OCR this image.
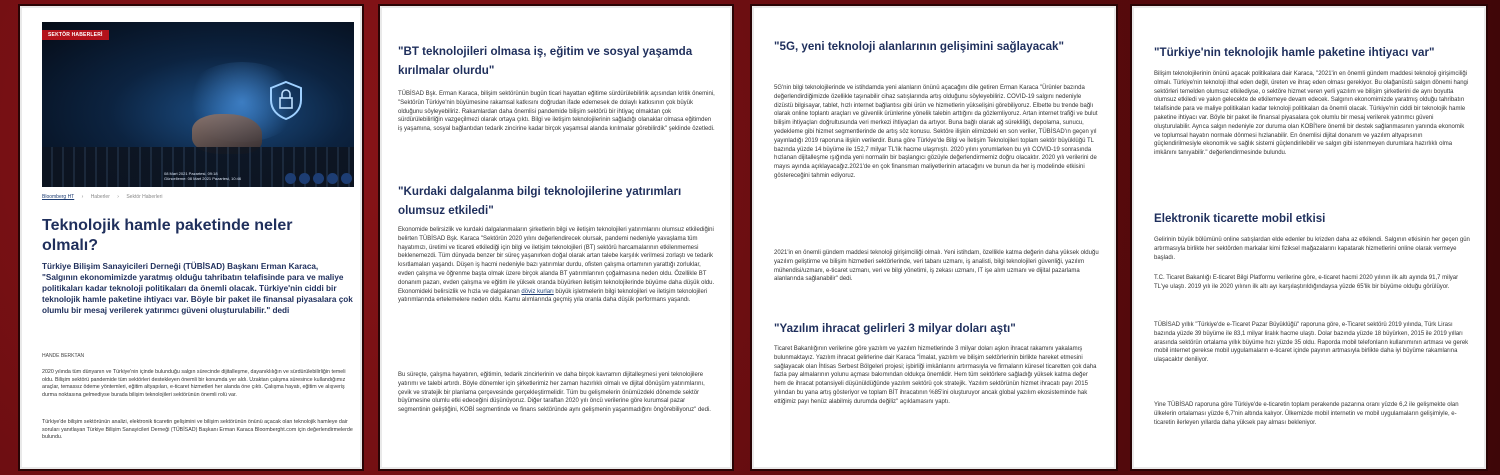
SEKTÖR HABERLERİ
08 Mart 2021 Pazartesi, 09:18
Güncelleme: 08 Mart 2021 Pazartesi, 10:46
Bloomberg HT › Haberler › Sektör Haberleri
Teknolojik hamle paketinde neler olmalı?

Türkiye Bilişim Sanayicileri Derneği (TÜBİSAD) Başkanı Erman Karaca, "Salgının ekonomimizde yaratmış olduğu tahribatın telafisinde para ve maliye politikaları kadar teknoloji politikaları da önemli olacak. Türkiye'nin ciddi bir teknolojik hamle paketine ihtiyacı var. Böyle bir paket ile finansal piyasalara çok olumlu bir mesaj verilerek yatırımcı güveni oluşturulabilir." dedi

HANDE BERKTAN

2020 yılında tüm dünyanın ve Türkiye'nin içinde bulunduğu salgın sürecinde dijitalleşme, dayanıklılığın ve sürdürülebilirliğin temeli oldu. Bilişim sektörü pandemide tüm sektörleri destekleyen önemli bir konumda yer aldı. Uzaktan çalışma süresince kullandığımız araçlar, temassız ödeme yöntemleri, eğitim altyapıları, e-ticaret hizmetleri her alanda öne çıktı. Çalışma hayatı, eğitim ve alışveriş durma noktasına gelmediyse burada bilişim teknolojileri sektörünün önemli rolü var.

Türkiye'de bilişim sektörünün analizi, elektronik ticaretin gelişimini ve bilişim sektörünün önünü açacak olan teknolojik hamleye dair soruları yanıtlayan Türkiye Bilişim Sanayicileri Derneği (TÜBİSAD) Başkanı Erman Karaca Bloomberght.com için değerlendirmelerde bulundu.

"BT teknolojileri olmasa iş, eğitim ve sosyal yaşamda kırılmalar olurdu"

TÜBİSAD Bşk. Erman Karaca, bilişim sektörünün bugün ticari hayattan eğitime sürdürülebilirlik açısından kritik önemini, "Sektörün Türkiye'nin büyümesine rakamsal katkısını doğrudan ifade edemesek de dolaylı katkısının çok büyük olduğunu söyleyebiliriz. Rakamlardan daha önemlisi pandemide bilişim sektörü bir ihtiyaç olmaktan çok sürdürülebilirliğin vazgeçilmezi olarak ortaya çıktı. Bilgi ve iletişim teknolojilerinin sağladığı olanaklar olmasa eğitimden iş yaşamına, sosyal bağlantıdan tedarik zincirine kadar birçok yaşamsal alanda kırılmalar görebilirdik" şeklinde özetledi.

"Kurdaki dalgalanma bilgi teknolojilerine yatırımları olumsuz etkiledi"

Ekonomide belirsizlik ve kurdaki dalgalanmaların şirketlerin bilgi ve iletişim teknolojileri yatırımlarını olumsuz etkilediğini belirten TÜBİSAD Bşk. Karaca "Sektörün 2020 yılını değerlendirecek olursak, pandemi nedeniyle yavaşlama tüm hayatımızı, üretimi ve ticareti etkilediği için bilgi ve iletişim teknolojileri (BT) sektörü harcamalarının etkilenmemesi beklenemezdi. Tüm dünyada benzer bir süreç yaşanırken doğal olarak artan talebe karşılık verilmesi zorlaştı ve tedarik kısıtlamaları yaşandı. Düşen iş hacmi nedeniyle bazı yatırımlar durdu, ofisten çalışma ortamının yarattığı zorluklar, evden çalışma ve öğrenme başta olmak üzere birçok alanda BT yatırımlarının çoğalmasına neden oldu. Özellikle BT donanım pazarı, evden çalışma ve eğitim ile yüksek oranda büyürken iletişim teknolojilerinde büyüme daha düşük oldu. Ekonomideki belirsizlik ve hızla ve dalgalanan döviz kurları büyük işletmelerin bilgi teknolojileri ve iletişim teknolojileri yatırımlarında ertelemelere neden oldu. Kamu alımlarında geçmiş yıla oranla daha düşük performans yaşandı.

Bu süreçte, çalışma hayatının, eğitimin, tedarik zincirlerinin ve daha birçok kavramın dijitalleşmesi yeni teknolojilere yatırımı ve talebi artırdı. Böyle dönemler için şirketlerimiz her zaman hazırlıklı olmalı ve dijital dönüşüm yatırımlarını, çevik ve stratejik bir planlama çerçevesinde gerçekleştirmelidir. Tüm bu gelişmelerin önümüzdeki dönemde sektör büyümesine olumlu etki edeceğini düşünüyoruz. Diğer taraftan 2020 yılı öncü verilerine göre kurumsal pazar segmentinin geliştiğini, KOBİ segmentinde ve finans sektöründe aynı gelişmenin yaşanmadığını öngörebiliyoruz" dedi.

"5G, yeni teknoloji alanlarının gelişimini sağlayacak"

5G'nin bilgi teknolojilerinde ve istihdamda yeni alanların önünü açacağını dile getiren Erman Karaca "Ürünler bazında değerlendirdiğimizde özellikle taşınabilir cihaz satışlarında artış olduğunu söyleyebiliriz. COVID-19 salgını nedeniyle dizüstü bilgisayar, tablet, hızlı internet bağlantısı gibi ürün ve hizmetlerin yükselişini görebiliyoruz. Elbette bu trende bağlı olarak online toplantı araçları ve güvenlik ürünlerine yönelik talebin arttığını da gözlemliyoruz. Artan internet trafiği ve bulut bilişim ihtiyaçları doğrultusunda veri merkezi ihtiyaçları da artıyor. Buna bağlı olarak ağ sürekliliği, depolama, sunucu, yedekleme gibi hizmet segmentlerinde de artış söz konusu. Sektöre ilişkin elimizdeki en son veriler, TÜBİSAD'ın geçen yıl yayınladığı 2019 raporuna ilişkin verilerdir. Buna göre Türkiye'de Bilgi ve İletişim Teknolojileri toplam sektör büyüklüğü TL bazında yüzde 14 büyüme ile 152,7 milyar TL'lik hacme ulaşmıştı. 2020 yılını yorumlarken bu yılı COVID-19 sonrasında hızlanan dijitalleşme ışığında yeni normalin bir başlangıcı gözüyle değerlendirmemiz doğru olacaktır. 2020 yılı verilerini de mayıs ayında açıklayacağız.2021'de en çok finansman maliyetlerinin artacağını ve bunun da her iş modelinde etkisini göstereceğini tahmin ediyoruz.

2021'in en önemli gündem maddesi teknoloji girişimciliği olmalı. Yeni istihdam, özellikle katma değerin daha yüksek olduğu yazılım geliştirme ve bilişim hizmetleri sektörlerinde, veri tabanı uzmanı, iş analisti, bilgi teknolojileri güvenliği, yazılım mühendisi/uzmanı, e-ticaret uzmanı, veri ve bilgi yönetimi, iş zekası uzmanı, IT işe alım uzmanı ve dijital pazarlama alanlarında sağlanabilir" dedi.

"Yazılım ihracat gelirleri 3 milyar doları aştı"

Ticaret Bakanlığının verilerine göre yazılım ve yazılım hizmetlerinde 3 milyar doları aşkın ihracat rakamını yakalamış bulunmaktayız. Yazılım ihracat gelirlerine dair Karaca "İmalat, yazılım ve bilişim sektörlerinin birlikte hareket etmesini sağlayacak olan İhtisas Serbest Bölgeleri projesi; işbirliği imkânlarını artırmasıyla ve firmaların küresel ticaretten çok daha fazla pay almalarının yolunu açması bakımından oldukça önemlidir. Hem tüm sektörlere sağladığı yüksek katma değer hem de ihracat potansiyeli düşünüldüğünde yazılım sektörü çok stratejik. Yazılım sektörünün hizmet ihracatı payı 2015 yılından bu yana artış gösteriyor ve toplam BİT ihracatının %85'ini oluşturuyor ancak global yazılım ekosisteminde hak ettiğimiz payı henüz alabilmiş durumda değiliz" açıklamasını yaptı.

"Türkiye'nin teknolojik hamle paketine ihtiyacı var"

Bilişim teknolojilerinin önünü açacak politikalara dair Karaca, "2021'in en önemli gündem maddesi teknoloji girişimciliği olmalı. Türkiye'nin teknoloji ithal eden değil, üreten ve ihraç eden olması gerekiyor. Bu olağanüstü salgın dönemi hangi sektörleri temelden olumsuz etkilediyse, o sektöre hizmet veren yerli yazılım ve bilişim şirketlerini de aynı boyutta olumsuz etkiledi ve yakın gelecekte de etkilemeye devam edecek. Salgının ekonomimizde yaratmış olduğu tahribatın telafisinde para ve maliye politikaları kadar teknoloji politikaları da önemli olacak. Türkiye'nin ciddi bir teknolojik hamle paketine ihtiyacı var. Böyle bir paket ile finansal piyasalara çok olumlu bir mesaj verilerek yatırımcı güveni oluşturulabilir. Ayrıca salgın nedeniyle zor duruma olan KOBİ'lere önemli bir destek sağlanmasının yanında ekonomik ve toplumsal hayatın normale dönmesi hızlanabilir. En önemlisi dijital donanım ve yazılım altyapısının güçlendirilmesiyle ekonomik ve sağlık sistemi güçlendirilebilir ve salgın gibi istenmeyen durumlara hazırlıklı olma imkânını tanıyabilir." değerlendirmesinde bulundu.

Elektronik ticarette mobil etkisi

Gelirinin büyük bölümünü online satışlardan elde edenler bu krizden daha az etkilendi. Salgının etkisinin her geçen gün artırmasıyla birlikte her sektörden markalar kimi fiziksel mağazalarını kapatarak hizmetlerini online olarak vermeye başladı.

T.C. Ticaret Bakanlığı E-ticaret Bilgi Platformu verilerine göre, e-ticaret hacmi 2020 yılının ilk altı ayında 91,7 milyar TL'ye ulaştı. 2019 yılı ile 2020 yılının ilk altı ayı karşılaştırıldığındaysa yüzde 65'lik bir büyüme olduğu görülüyor.

TÜBİSAD yıllık "Türkiye'de e-Ticaret Pazar Büyüklüğü" raporuna göre, e-Ticaret sektörü 2019 yılında, Türk Lirası bazında yüzde 39 büyüme ile 83,1 milyar liralık hacme ulaştı. Dolar bazında yüzde 18 büyürken, 2015 ile 2019 yılları arasında sektörün ortalama yıllık büyüme hızı yüzde 35 oldu. Raporda mobil telefonların kullanımının artması ve gerek mobil internet gerekse mobil uygulamaların e-ticaret içinde payının artmasıyla birlikte daha iyi büyüme rakamlarına ulaşacaktır deniliyor.

Yine TÜBİSAD raporuna göre Türkiye'de e-ticaretin toplam perakende pazarına oranı yüzde 6,2 ile gelişmekte olan ülkelerin ortalaması yüzde 6,7'nin altında kalıyor. Ülkemizde mobil internetin ve mobil uygulamaların gelişimiyle, e-ticaretin ilerleyen yıllarda daha yüksek pay alması bekleniyor.
